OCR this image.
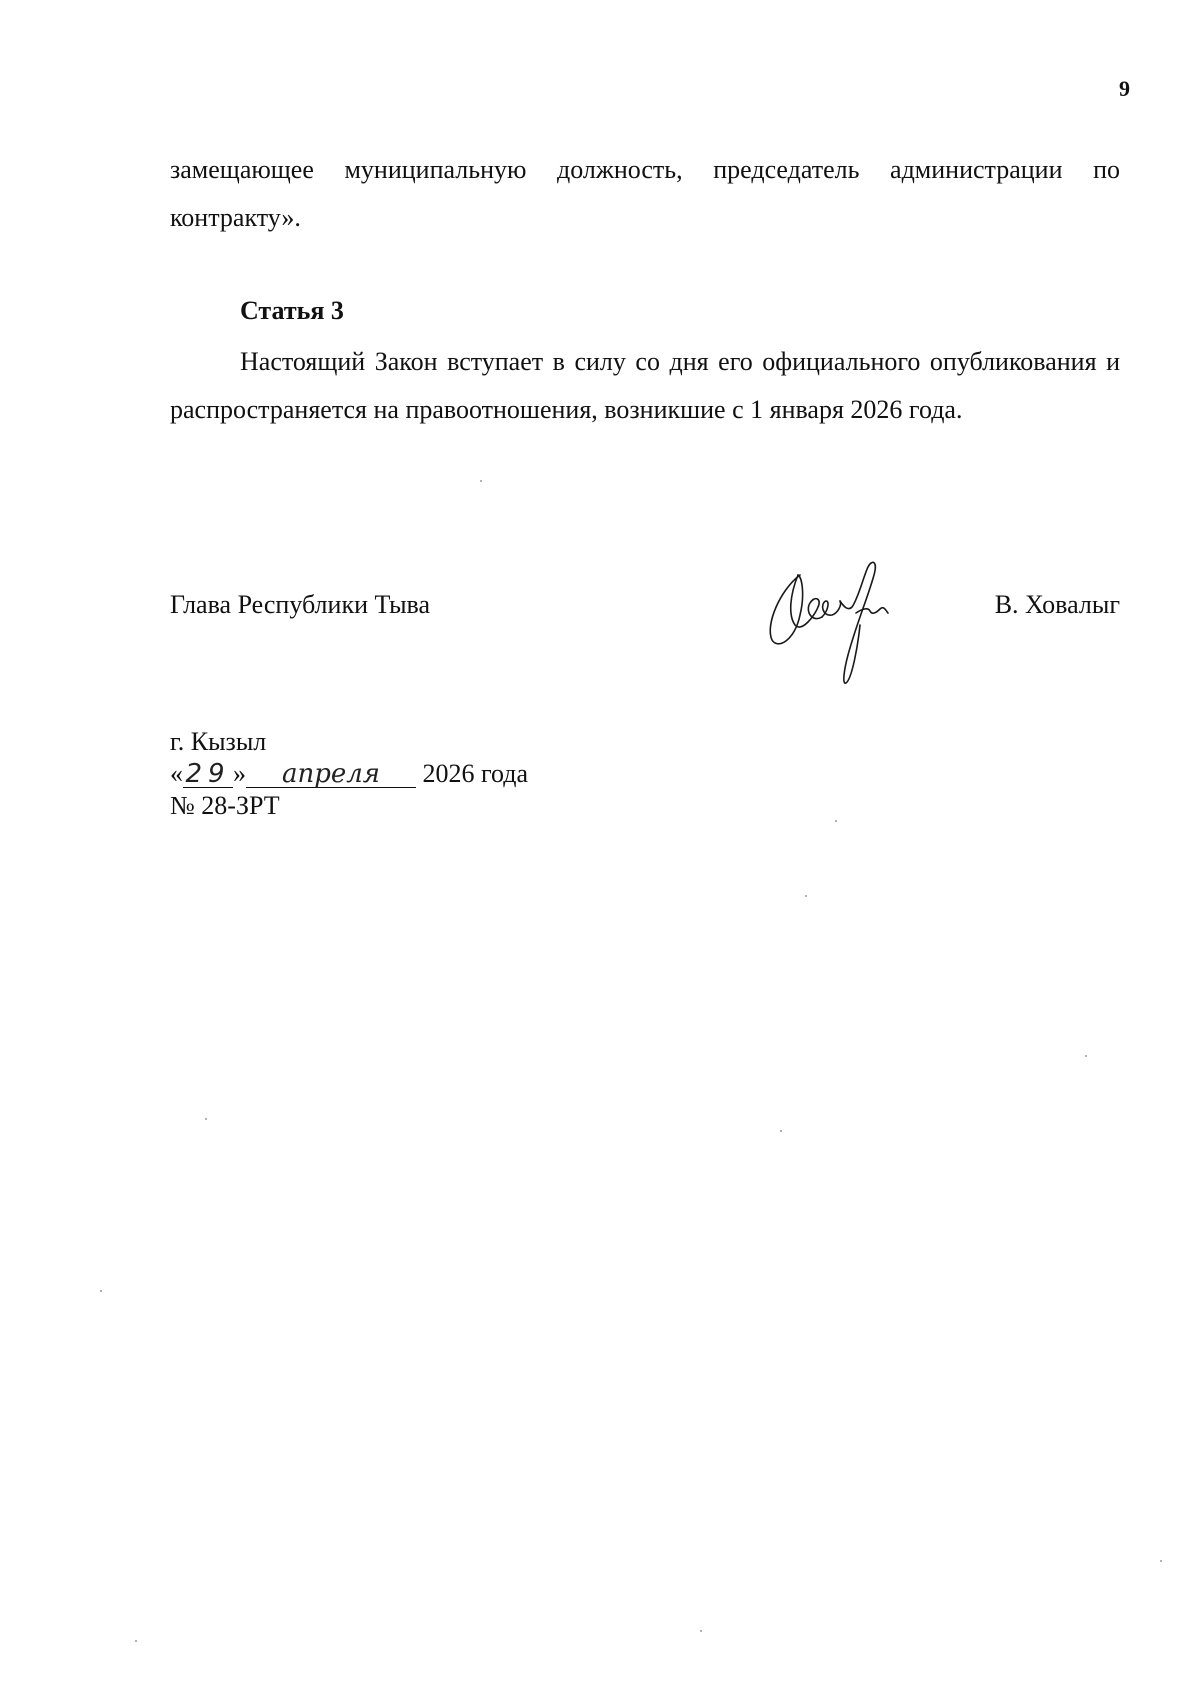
9

замещающее муниципальную должность, председатель администрации по контракту».

Статья 3

Настоящий Закон вступает в силу со дня его официального опубликования и распространяется на правоотношения, возникшие с 1 января 2026 года.

Глава Республики Тыва	В. Ховалыг
г. Кызыл
«29» апреля 2026 года
№ 28-ЗРТ
